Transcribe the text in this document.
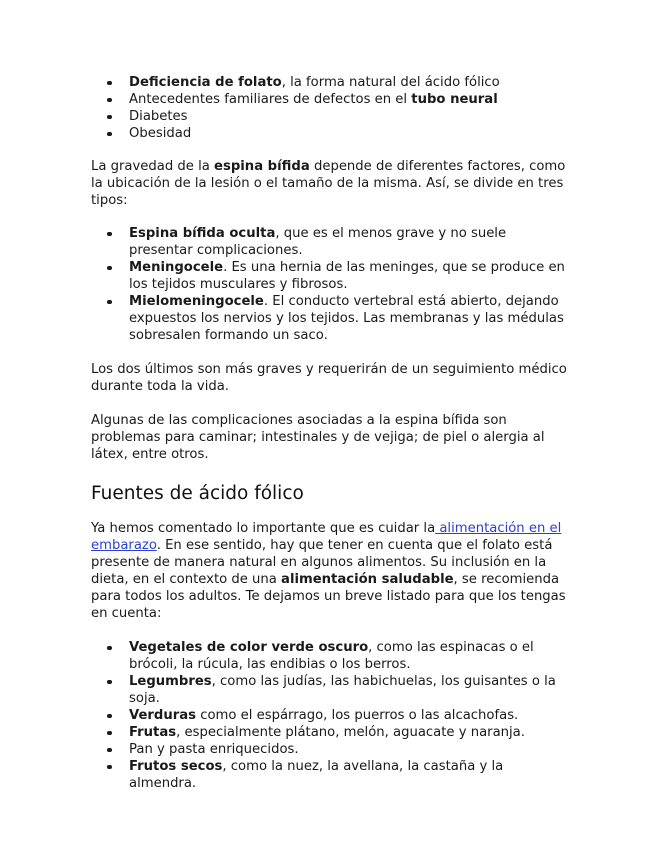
Deficiencia de folato, la forma natural del ácido fólico
Antecedentes familiares de defectos en el tubo neural
Diabetes
Obesidad

La gravedad de la espina bífida depende de diferentes factores, como la ubicación de la lesión o el tamaño de la misma. Así, se divide en tres tipos:

Espina bífida oculta, que es el menos grave y no suele presentar complicaciones.
Meningocele. Es una hernia de las meninges, que se produce en los tejidos musculares y fibrosos.
Mielomeningocele. El conducto vertebral está abierto, dejando expuestos los nervios y los tejidos. Las membranas y las médulas sobresalen formando un saco.

Los dos últimos son más graves y requerirán de un seguimiento médico durante toda la vida.

Algunas de las complicaciones asociadas a la espina bífida son problemas para caminar; intestinales y de vejiga; de piel o alergia al látex, entre otros.

Fuentes de ácido fólico

Ya hemos comentado lo importante que es cuidar la alimentación en el embarazo. En ese sentido, hay que tener en cuenta que el folato está presente de manera natural en algunos alimentos. Su inclusión en la dieta, en el contexto de una alimentación saludable, se recomienda para todos los adultos. Te dejamos un breve listado para que los tengas en cuenta:

Vegetales de color verde oscuro, como las espinacas o el brócoli, la rúcula, las endibias o los berros.
Legumbres, como las judías, las habichuelas, los guisantes o la soja.
Verduras como el espárrago, los puerros o las alcachofas.
Frutas, especialmente plátano, melón, aguacate y naranja.
Pan y pasta enriquecidos.
Frutos secos, como la nuez, la avellana, la castaña y la almendra.
